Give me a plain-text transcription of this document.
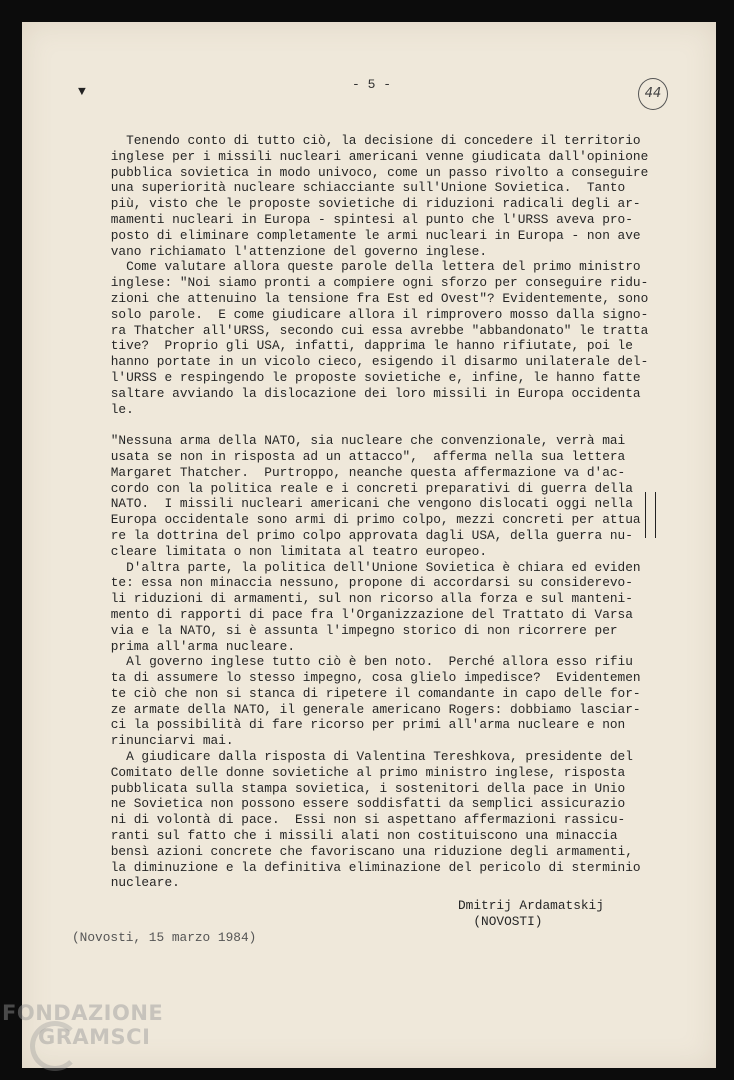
▼	- 5 -
44
Tenendo conto di tutto ciò, la decisione di concedere il territorio
inglese per i missili nucleari americani venne giudicata dall'opinione
pubblica sovietica in modo univoco, come un passo rivolto a conseguire
una superiorità nucleare schiacciante sull'Unione Sovietica.  Tanto
più, visto che le proposte sovietiche di riduzioni radicali degli ar-
mamenti nucleari in Europa - spintesi al punto che l'URSS aveva pro-
posto di eliminare completamente le armi nucleari in Europa - non ave
vano richiamato l'attenzione del governo inglese.
Come valutare allora queste parole della lettera del primo ministro
inglese: "Noi siamo pronti a compiere ogni sforzo per conseguire ridu-
zioni che attenuino la tensione fra Est ed Ovest"? Evidentemente, sono
solo parole.  E come giudicare allora il rimprovero mosso dalla signo-
ra Thatcher all'URSS, secondo cui essa avrebbe "abbandonato" le tratta
tive?  Proprio gli USA, infatti, dapprima le hanno rifiutate, poi le
hanno portate in un vicolo cieco, esigendo il disarmo unilaterale del-
l'URSS e respingendo le proposte sovietiche e, infine, le hanno fatte
saltare avviando la dislocazione dei loro missili in Europa occidenta
le.
"Nessuna arma della NATO, sia nucleare che convenzionale, verrà mai
usata se non in risposta ad un attacco",  afferma nella sua lettera
Margaret Thatcher.  Purtroppo, neanche questa affermazione va d'ac-
cordo con la politica reale e i concreti preparativi di guerra della
NATO.  I missili nucleari americani che vengono dislocati oggi nella
Europa occidentale sono armi di primo colpo, mezzi concreti per attua
re la dottrina del primo colpo approvata dagli USA, della guerra nu-
cleare limitata o non limitata al teatro europeo.
D'altra parte, la politica dell'Unione Sovietica è chiara ed eviden
te: essa non minaccia nessuno, propone di accordarsi su considerevo-
li riduzioni di armamenti, sul non ricorso alla forza e sul manteni-
mento di rapporti di pace fra l'Organizzazione del Trattato di Varsa
via e la NATO, si è assunta l'impegno storico di non ricorrere per
prima all'arma nucleare.
Al governo inglese tutto ciò è ben noto.  Perché allora esso rifiu
ta di assumere lo stesso impegno, cosa glielo impedisce?  Evidentemen
te ciò che non si stanca di ripetere il comandante in capo delle for-
ze armate della NATO, il generale americano Rogers: dobbiamo lasciar-
ci la possibilità di fare ricorso per primi all'arma nucleare e non
rinunciarvi mai.
A giudicare dalla risposta di Valentina Tereshkova, presidente del
Comitato delle donne sovietiche al primo ministro inglese, risposta
pubblicata sulla stampa sovietica, i sostenitori della pace in Unio
ne Sovietica non possono essere soddisfatti da semplici assicurazio
ni di volontà di pace.  Essi non si aspettano affermazioni rassicu-
ranti sul fatto che i missili alati non costituiscono una minaccia
bensì azioni concrete che favoriscano una riduzione degli armamenti,
la diminuzione e la definitiva eliminazione del pericolo di sterminio
nucleare.
Dmitrij Ardamatskij
(NOVOSTI)
(Novosti, 15 marzo 1984)
FONDAZIONE
GRAMSCI
